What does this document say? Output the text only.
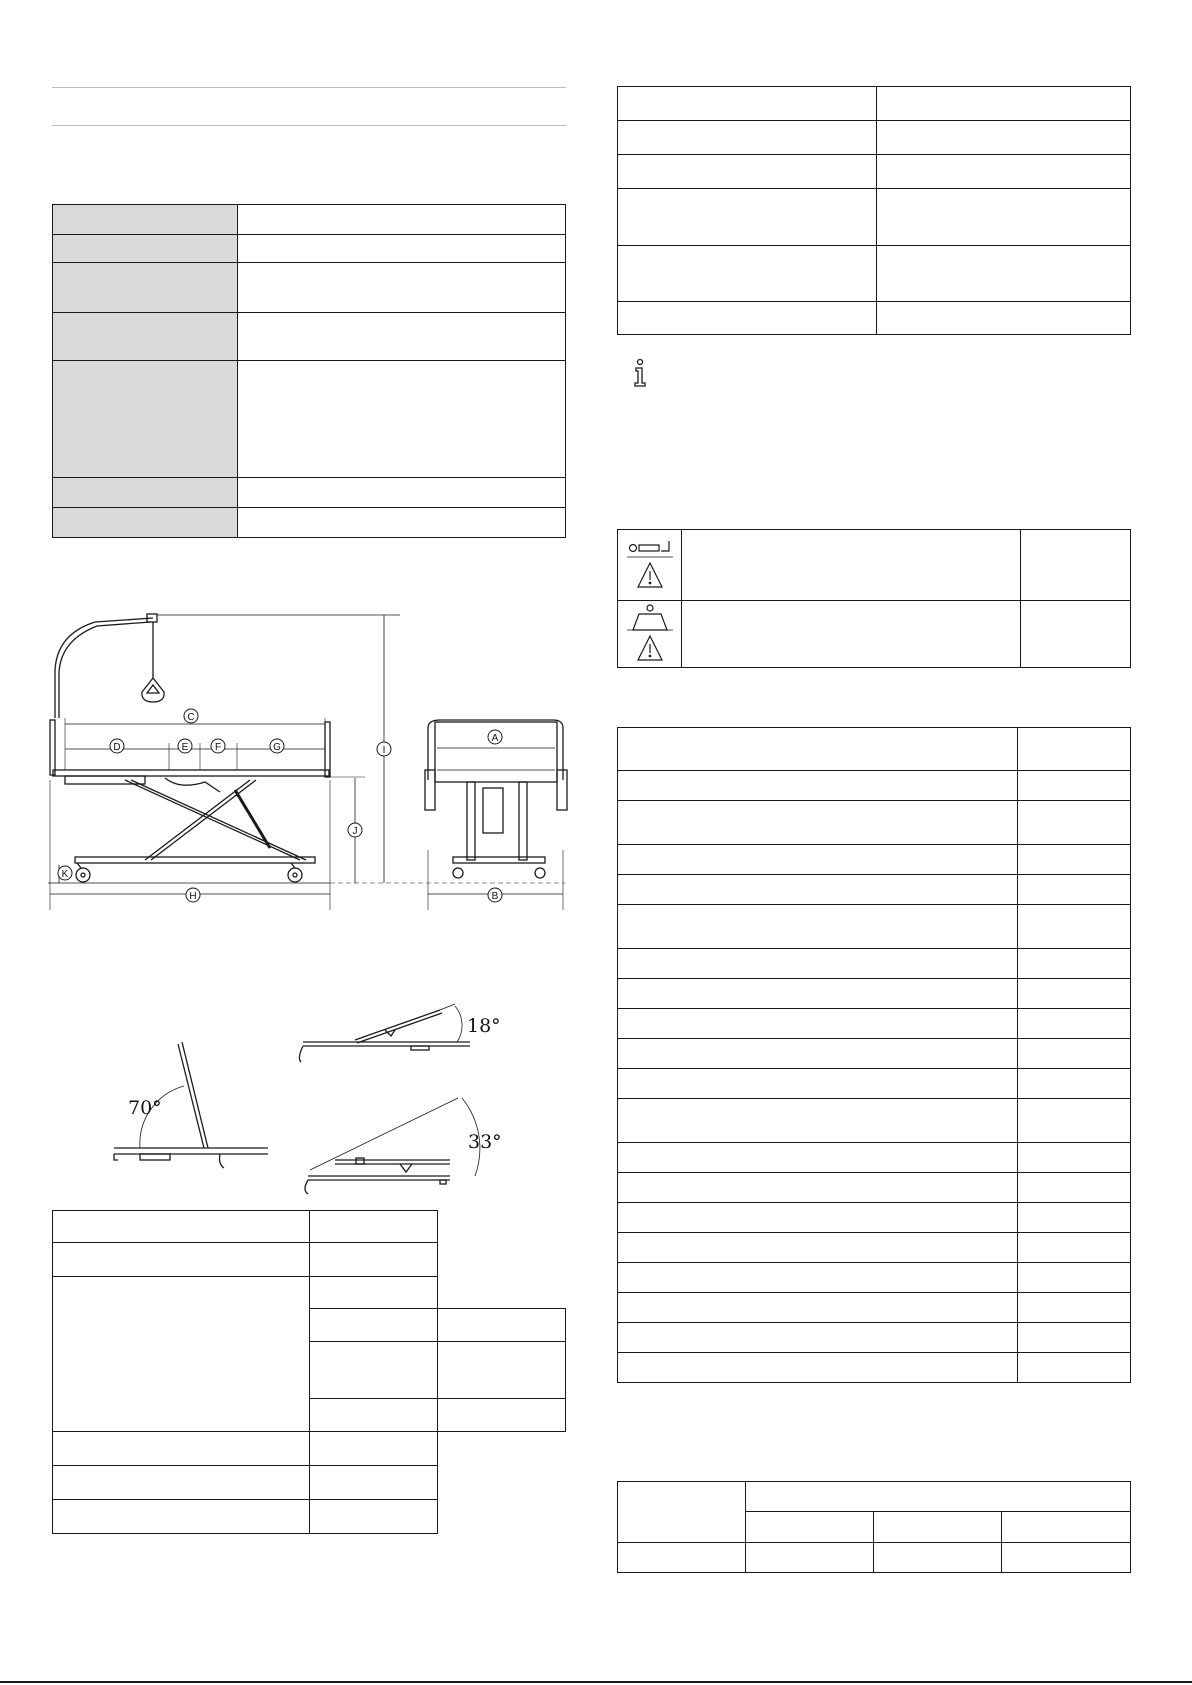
C
D	E	F	G
H
I
J
K
A
B
70°
18°
33°
